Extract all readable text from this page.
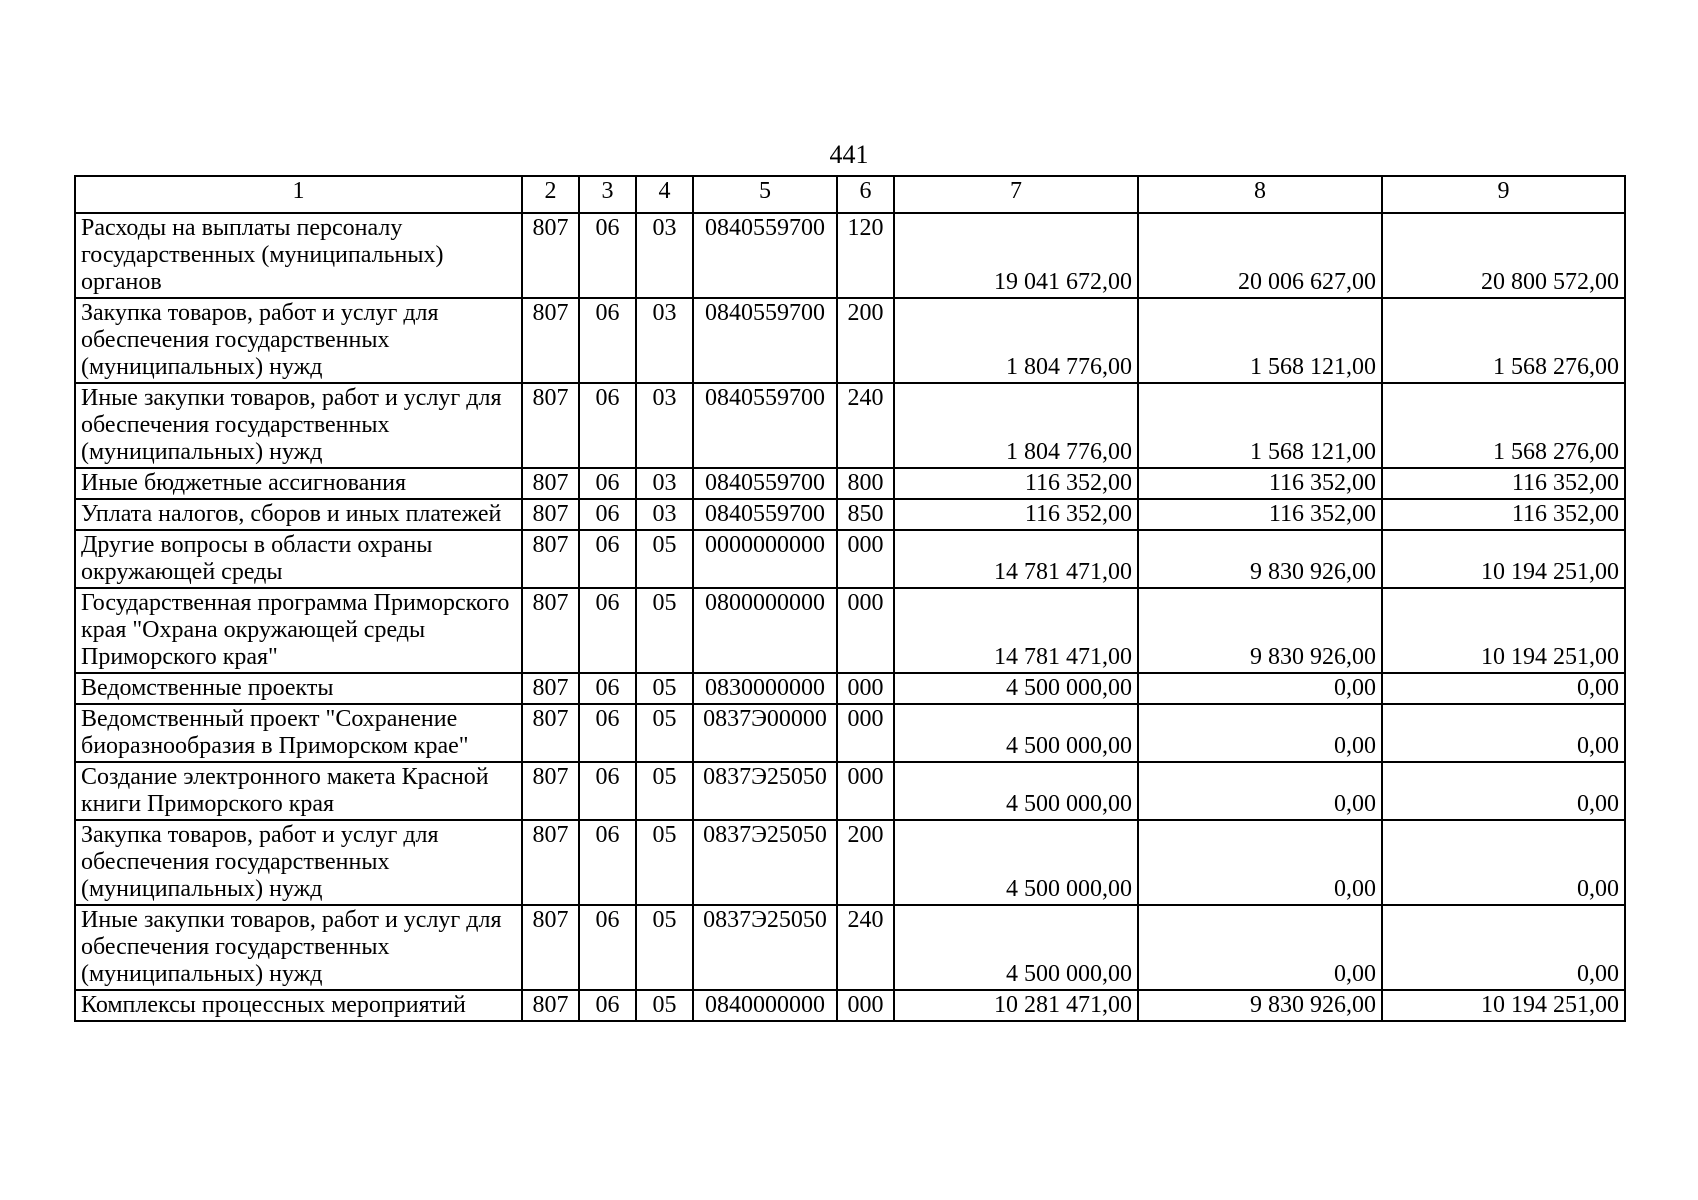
441
1	2	3	4	5	6	7	8	9
Расходы на выплаты персоналу государственных (муниципальных) органов	807	06	03	0840559700	120	19 041 672,00	20 006 627,00	20 800 572,00
Закупка товаров, работ и услуг для обеспечения государственных (муниципальных) нужд	807	06	03	0840559700	200	1 804 776,00	1 568 121,00	1 568 276,00
Иные закупки товаров, работ и услуг для обеспечения государственных (муниципальных) нужд	807	06	03	0840559700	240	1 804 776,00	1 568 121,00	1 568 276,00
Иные бюджетные ассигнования	807	06	03	0840559700	800	116 352,00	116 352,00	116 352,00
Уплата налогов, сборов и иных платежей	807	06	03	0840559700	850	116 352,00	116 352,00	116 352,00
Другие вопросы в области охраны окружающей среды	807	06	05	0000000000	000	14 781 471,00	9 830 926,00	10 194 251,00
Государственная программа Приморского края "Охрана окружающей среды Приморского края"	807	06	05	0800000000	000	14 781 471,00	9 830 926,00	10 194 251,00
Ведомственные проекты	807	06	05	0830000000	000	4 500 000,00	0,00	0,00
Ведомственный проект "Сохранение биоразнообразия в Приморском крае"	807	06	05	0837Э00000	000	4 500 000,00	0,00	0,00
Создание электронного макета Красной книги Приморского края	807	06	05	0837Э25050	000	4 500 000,00	0,00	0,00
Закупка товаров, работ и услуг для обеспечения государственных (муниципальных) нужд	807	06	05	0837Э25050	200	4 500 000,00	0,00	0,00
Иные закупки товаров, работ и услуг для обеспечения государственных (муниципальных) нужд	807	06	05	0837Э25050	240	4 500 000,00	0,00	0,00
Комплексы процессных мероприятий	807	06	05	0840000000	000	10 281 471,00	9 830 926,00	10 194 251,00
